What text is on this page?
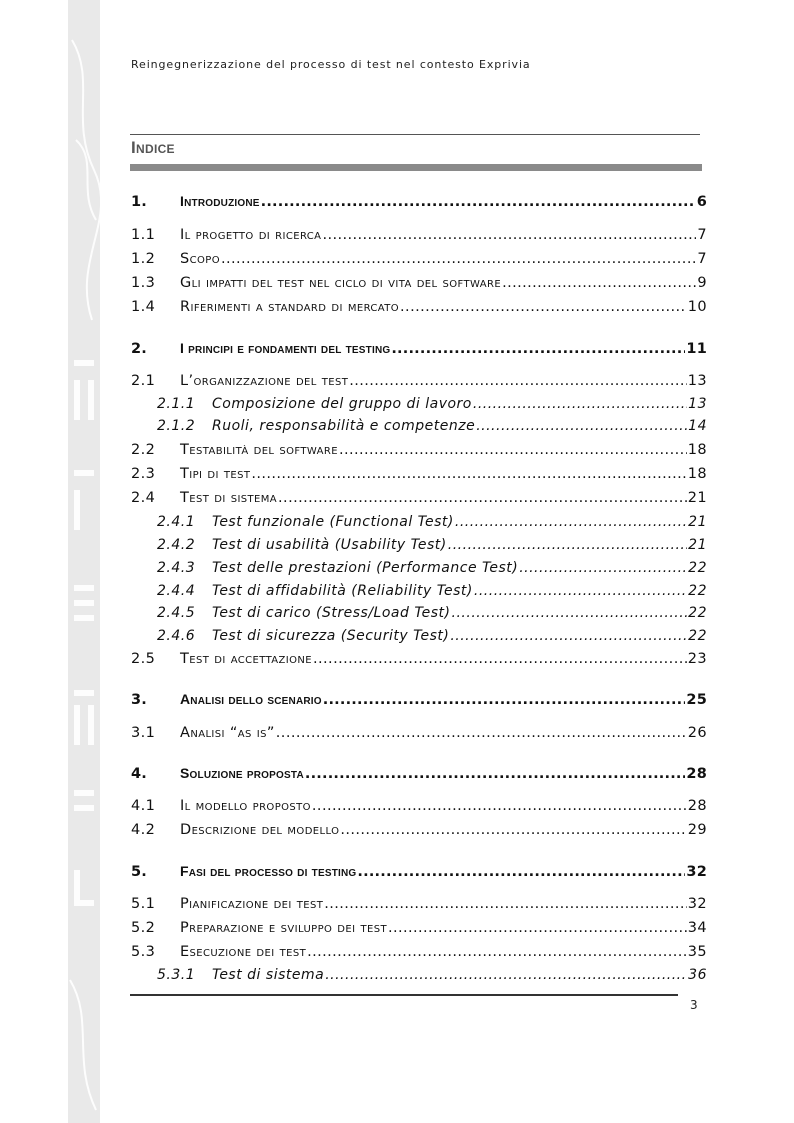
Reingegnerizzazione del processo di test nel contesto Exprivia
Indice
1.	Introduzione .....	6
1.1	Il progetto di ricerca .....	7
1.2	Scopo .....	7
1.3	Gli impatti del test nel ciclo di vita del software .....	9
1.4	Riferimenti a standard di mercato .....	10
2.	I principi e fondamenti del testing .....	11
2.1	L’organizzazione del test .....	13
2.1.1	Composizione del gruppo di lavoro .....	13
2.1.2	Ruoli, responsabilità e competenze .....	14
2.2	Testabilità del software .....	18
2.3	Tipi di test .....	18
2.4	Test di sistema .....	21
2.4.1	Test funzionale (Functional Test) .....	21
2.4.2	Test di usabilità (Usability Test) .....	21
2.4.3	Test delle prestazioni (Performance Test) .....	22
2.4.4	Test di affidabilità (Reliability Test) .....	22
2.4.5	Test di carico (Stress/Load Test) .....	22
2.4.6	Test di sicurezza (Security Test) .....	22
2.5	Test di accettazione .....	23
3.	Analisi dello scenario .....	25
3.1	Analisi “as is” .....	26
4.	Soluzione proposta .....	28
4.1	Il modello proposto .....	28
4.2	Descrizione del modello .....	29
5.	Fasi del processo di testing .....	32
5.1	Pianificazione dei test .....	32
5.2	Preparazione e sviluppo dei test .....	34
5.3	Esecuzione dei test .....	35
5.3.1	Test di sistema .....	36
3
